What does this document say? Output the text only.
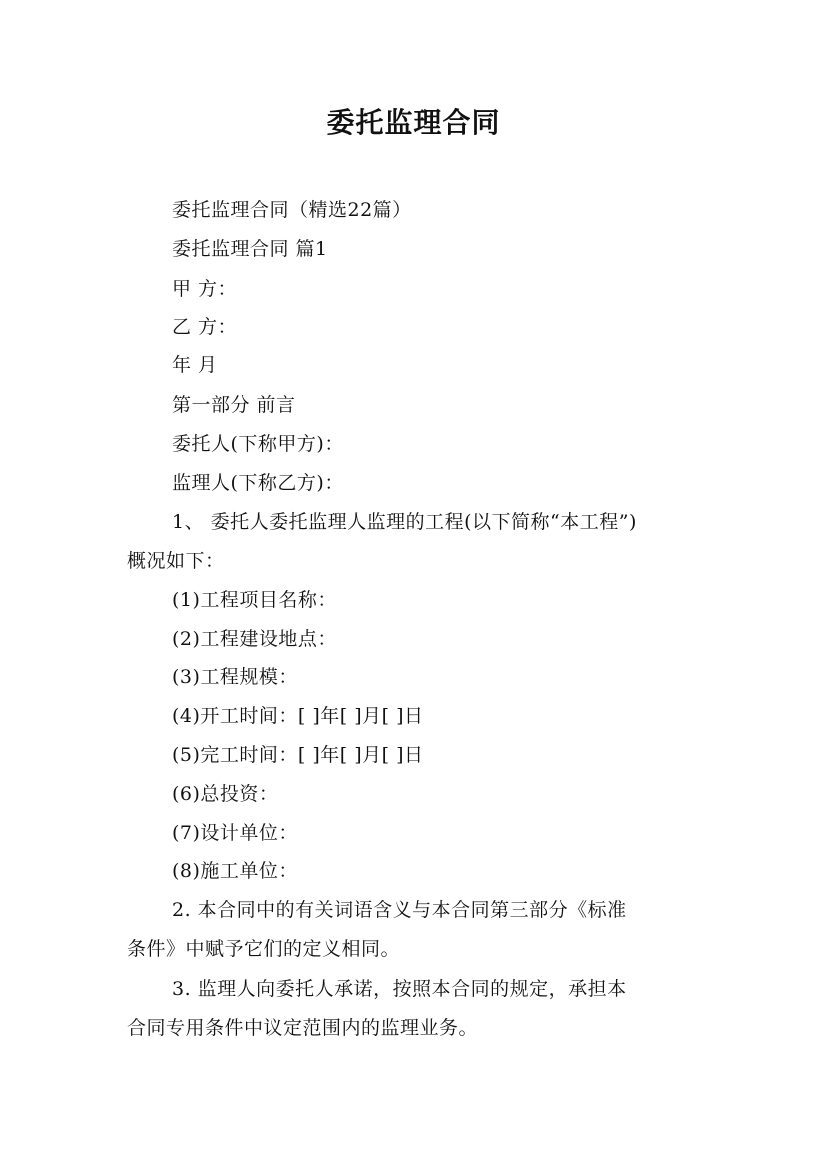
委托监理合同
委托监理合同（精选22篇）
委托监理合同 篇1
甲 方：
乙 方：
年 月
第一部分 前言
委托人(下称甲方)：
监理人(下称乙方)：
1、 委托人委托监理人监理的工程(以下简称“本工程”)
概况如下：
(1)工程项目名称：
(2)工程建设地点：
(3)工程规模：
(4)开工时间：[ ]年[ ]月[ ]日
(5)完工时间：[ ]年[ ]月[ ]日
(6)总投资：
(7)设计单位：
(8)施工单位：
2. 本合同中的有关词语含义与本合同第三部分《标准
条件》中赋予它们的定义相同。
3. 监理人向委托人承诺，按照本合同的规定，承担本
合同专用条件中议定范围内的监理业务。
